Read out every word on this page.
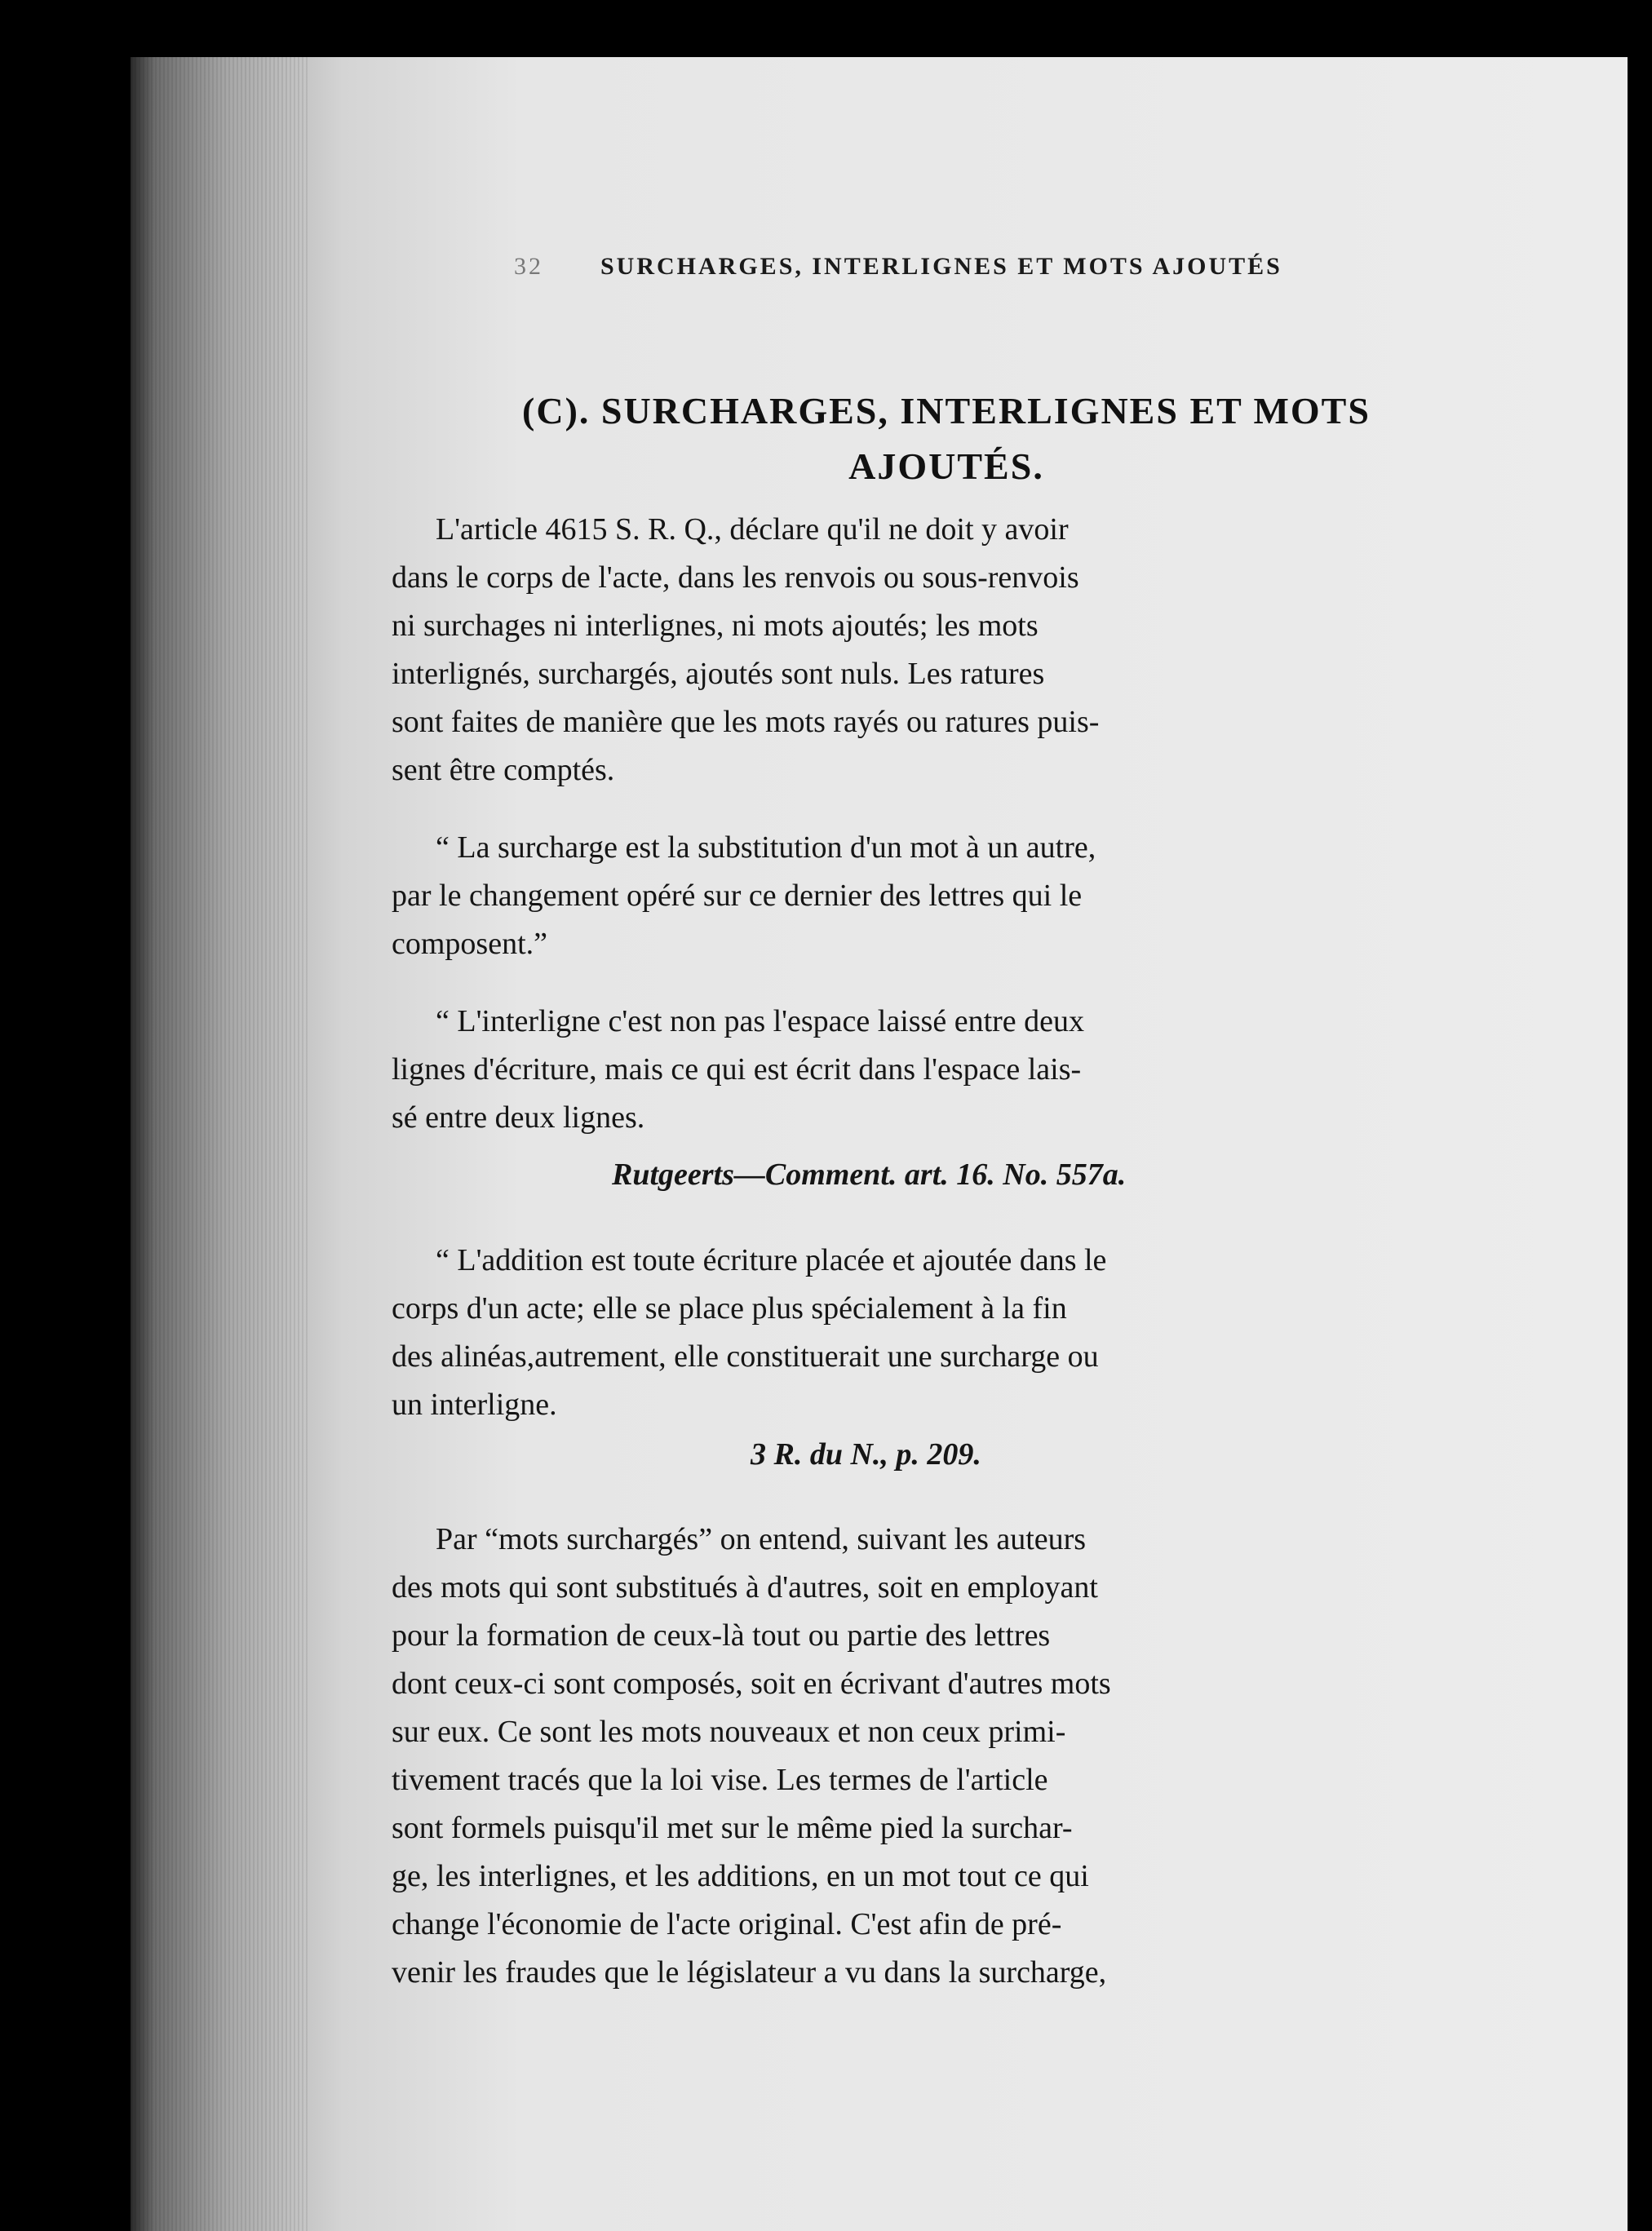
32 SURCHARGES, INTERLIGNES ET MOTS AJOUTÉS
(C). SURCHARGES, INTERLIGNES ET MOTS
AJOUTÉS.
L'article 4615 S. R. Q., déclare qu'il ne doit y avoir
dans le corps de l'acte, dans les renvois ou sous-renvois
ni surchages ni interlignes, ni mots ajoutés; les mots
interlignés, surchargés, ajoutés sont nuls. Les ratures
sont faites de manière que les mots rayés ou ratures puis-
sent être comptés.
“ La surcharge est la substitution d'un mot à un autre,
par le changement opéré sur ce dernier des lettres qui le
composent.”
“ L'interligne c'est non pas l'espace laissé entre deux
lignes d'écriture, mais ce qui est écrit dans l'espace lais-
sé entre deux lignes.
Rutgeerts—Comment. art. 16. No. 557a.
“ L'addition est toute écriture placée et ajoutée dans le
corps d'un acte; elle se place plus spécialement à la fin
des alinéas,autrement, elle constituerait une surcharge ou
un interligne.
3 R. du N., p. 209.
Par “mots surchargés” on entend, suivant les auteurs
des mots qui sont substitués à d'autres, soit en employant
pour la formation de ceux-là tout ou partie des lettres
dont ceux-ci sont composés, soit en écrivant d'autres mots
sur eux. Ce sont les mots nouveaux et non ceux primi-
tivement tracés que la loi vise. Les termes de l'article
sont formels puisqu'il met sur le même pied la surchar-
ge, les interlignes, et les additions, en un mot tout ce qui
change l'économie de l'acte original. C'est afin de pré-
venir les fraudes que le législateur a vu dans la surcharge,
